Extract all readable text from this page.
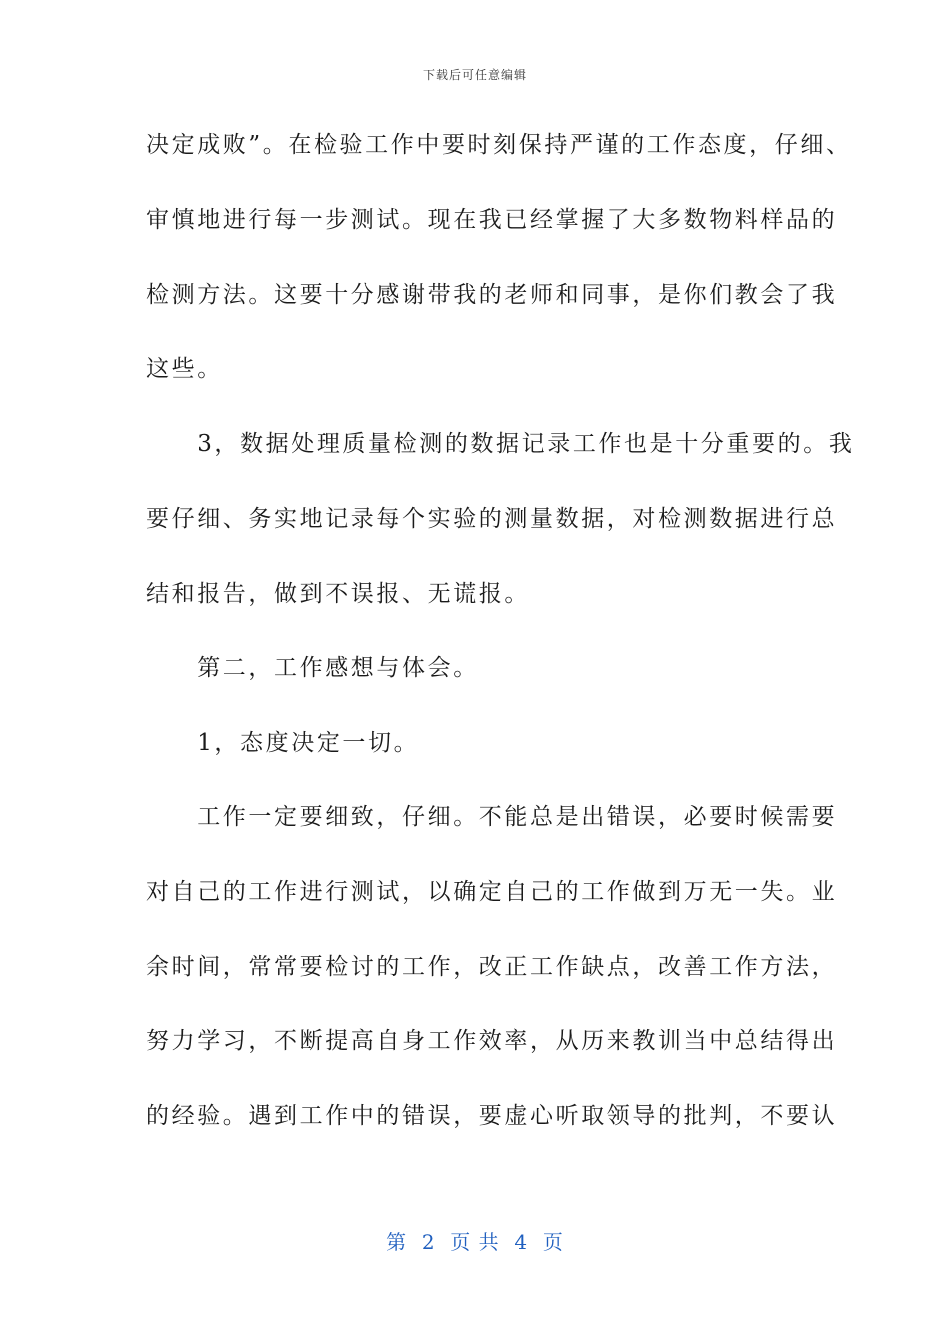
下载后可任意编辑
决定成败”。在检验工作中要时刻保持严谨的工作态度，仔细、
审慎地进行每一步测试。现在我已经掌握了大多数物料样品的
检测方法。这要十分感谢带我的老师和同事，是你们教会了我
这些。
　　3，数据处理质量检测的数据记录工作也是十分重要的。我
要仔细、务实地记录每个实验的测量数据，对检测数据进行总
结和报告，做到不误报、无谎报。
　　第二，工作感想与体会。
　　1，态度决定一切。
　　工作一定要细致，仔细。不能总是出错误，必要时候需要
对自己的工作进行测试，以确定自己的工作做到万无一失。业
余时间，常常要检讨的工作，改正工作缺点，改善工作方法，
努力学习，不断提高自身工作效率，从历来教训当中总结得出
的经验。遇到工作中的错误，要虚心听取领导的批判，不要认
第  2  页 共  4  页
